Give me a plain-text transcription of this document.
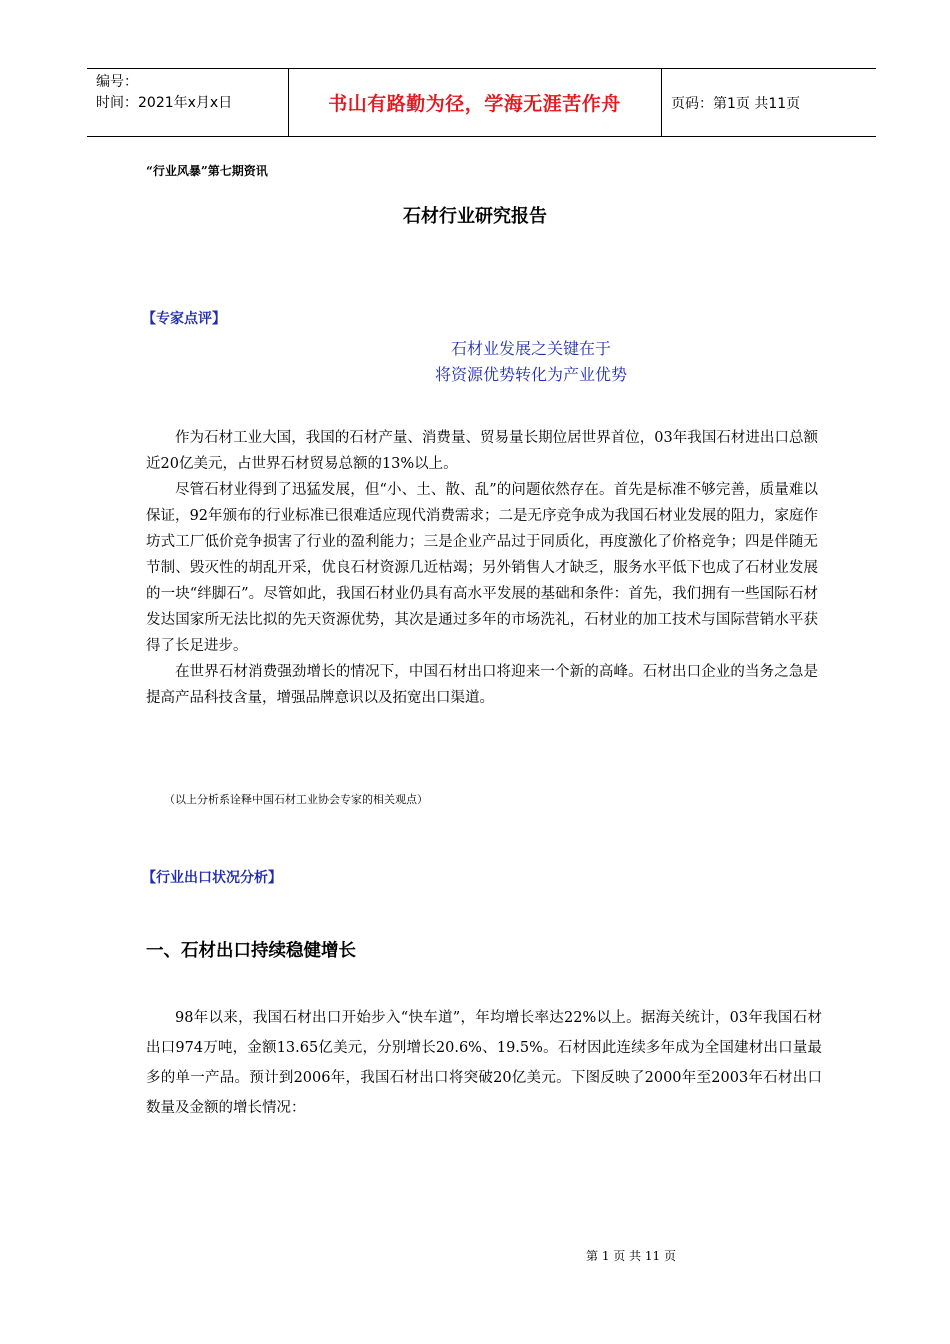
编号：
时间：2021年x月x日	书山有路勤为径，学海无涯苦作舟	页码：第1页 共11页
“行业风暴”第七期资讯
石材行业研究报告
【专家点评】
石材业发展之关键在于
将资源优势转化为产业优势

作为石材工业大国，我国的石材产量、消费量、贸易量长期位居世界首位，03年我国石材进出口总额近20亿美元，占世界石材贸易总额的13%以上。

尽管石材业得到了迅猛发展，但“小、土、散、乱”的问题依然存在。首先是标准不够完善，质量难以保证，92年颁布的行业标准已很难适应现代消费需求；二是无序竞争成为我国石材业发展的阻力，家庭作坊式工厂低价竞争损害了行业的盈利能力；三是企业产品过于同质化，再度激化了价格竞争；四是伴随无节制、毁灭性的胡乱开采，优良石材资源几近枯竭；另外销售人才缺乏，服务水平低下也成了石材业发展的一块“绊脚石”。尽管如此，我国石材业仍具有高水平发展的基础和条件：首先，我们拥有一些国际石材发达国家所无法比拟的先天资源优势，其次是通过多年的市场洗礼，石材业的加工技术与国际营销水平获得了长足进步。

在世界石材消费强劲增长的情况下，中国石材出口将迎来一个新的高峰。石材出口企业的当务之急是提高产品科技含量，增强品牌意识以及拓宽出口渠道。

（以上分析系诠释中国石材工业协会专家的相关观点）
【行业出口状况分析】
一、石材出口持续稳健增长

98年以来，我国石材出口开始步入“快车道”，年均增长率达22%以上。据海关统计，03年我国石材出口974万吨，金额13.65亿美元，分别增长20.6%、19.5%。石材因此连续多年成为全国建材出口量最多的单一产品。预计到2006年，我国石材出口将突破20亿美元。下图反映了2000年至2003年石材出口数量及金额的增长情况：

第 1 页 共 11 页
